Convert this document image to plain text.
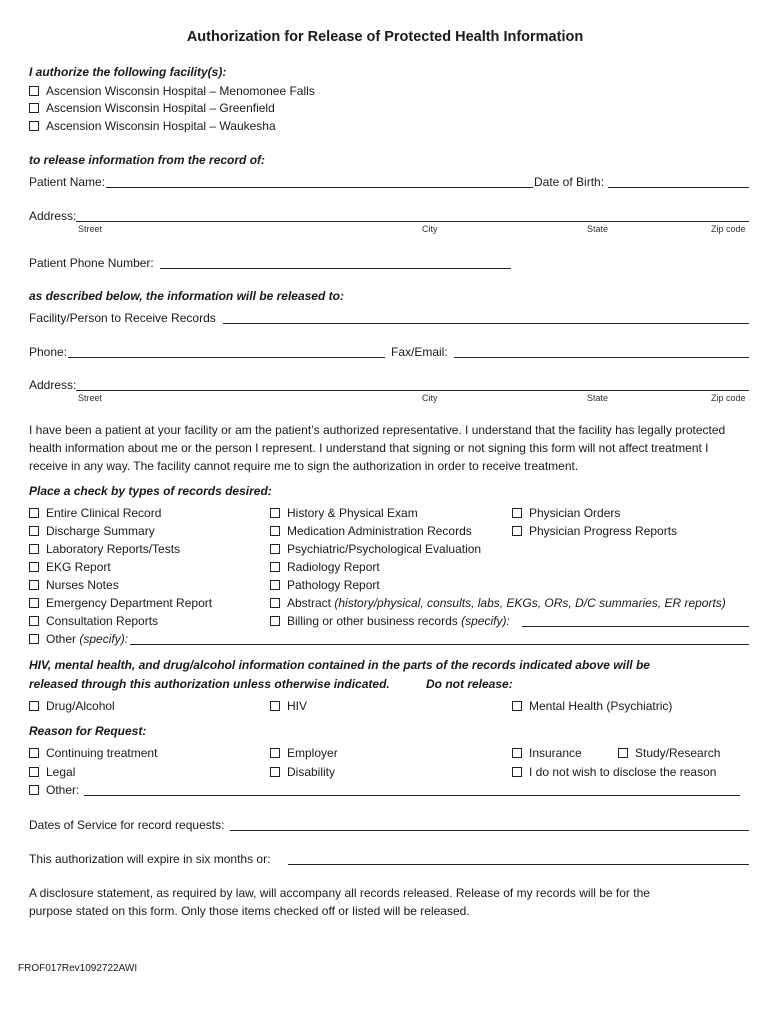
Authorization for Release of Protected Health Information
I authorize the following facility(s):
Ascension Wisconsin Hospital – Menomonee Falls
Ascension Wisconsin Hospital – Greenfield
Ascension Wisconsin Hospital – Waukesha
to release information from the record of:
Patient Name:	Date of Birth:
Address:
Street	City	State	Zip code
Patient Phone Number:
as described below, the information will be released to:
Facility/Person to Receive Records
Phone:	Fax/Email:
Address:
Street	City	State	Zip code
I have been a patient at your facility or am the patient’s authorized representative. I understand that the facility has legally protected health information about me or the person I represent. I understand that signing or not signing this form will not affect treatment I receive in any way. The facility cannot require me to sign the authorization in order to receive treatment.
Place a check by types of records desired:
Entire Clinical Record
Discharge Summary
Laboratory Reports/Tests
EKG Report
Nurses Notes
Emergency Department Report
Consultation Reports
Other (specify):
History & Physical Exam
Medication Administration Records
Psychiatric/Psychological Evaluation
Radiology Report
Pathology Report
Abstract (history/physical, consults, labs, EKGs, ORs, D/C summaries, ER reports)
Billing or other business records (specify):
Physician Orders
Physician Progress Reports
HIV, mental health, and drug/alcohol information contained in the parts of the records indicated above will be
released through this authorization unless otherwise indicated.	Do not release:
Drug/Alcohol	HIV	Mental Health (Psychiatric)
Reason for Request:
Continuing treatment
Legal
Employer
Disability
Insurance	Study/Research
I do not wish to disclose the reason
Other:
Dates of Service for record requests:
This authorization will expire in six months or:
A disclosure statement, as required by law, will accompany all records released. Release of my records will be for the purpose stated on this form. Only those items checked off or listed will be released.
FROF017Rev1092722AWI
